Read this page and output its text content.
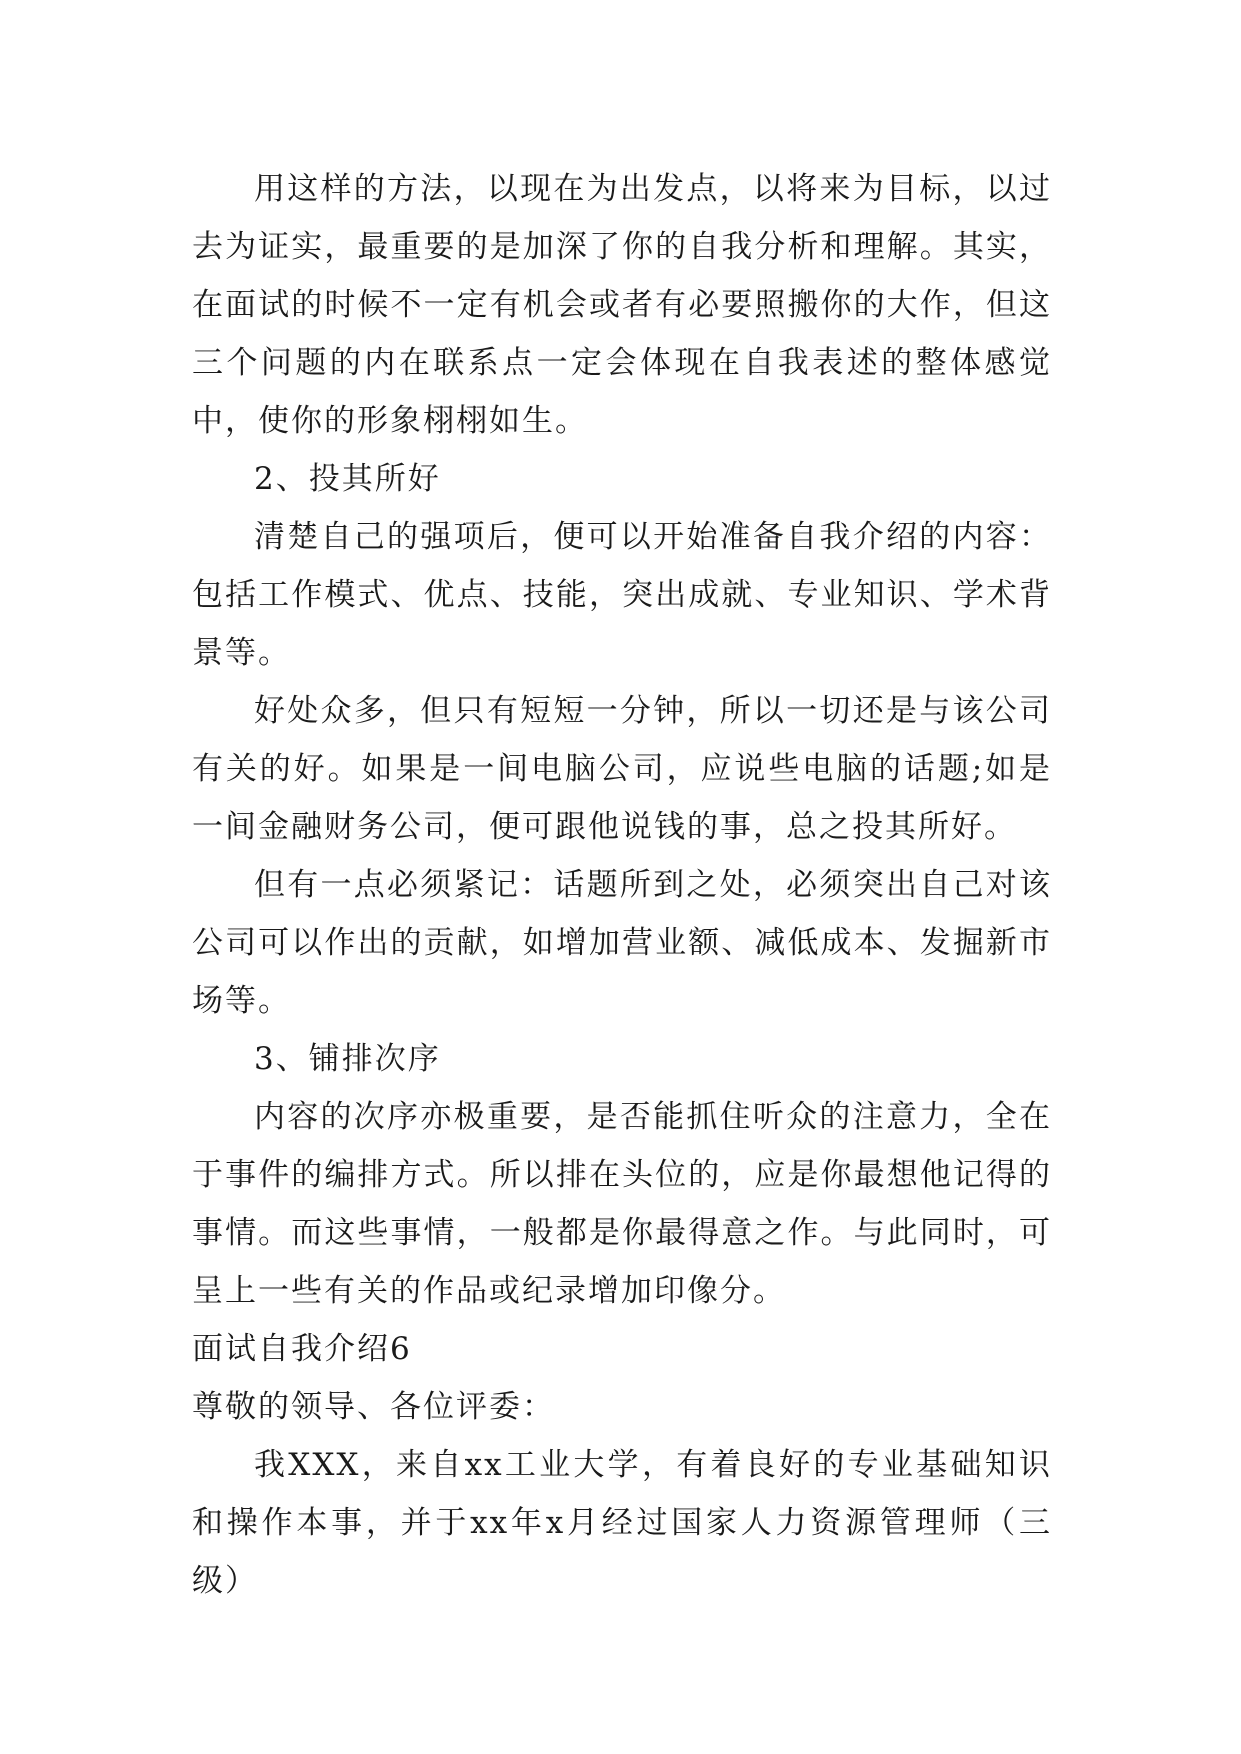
用这样的方法，以现在为出发点，以将来为目标，以过去为证实，最重要的是加深了你的自我分析和理解。其实，在面试的时候不一定有机会或者有必要照搬你的大作，但这三个问题的内在联系点一定会体现在自我表述的整体感觉中，使你的形象栩栩如生。

2、投其所好

清楚自己的强项后，便可以开始准备自我介绍的内容：包括工作模式、优点、技能，突出成就、专业知识、学术背景等。

好处众多，但只有短短一分钟，所以一切还是与该公司有关的好。如果是一间电脑公司，应说些电脑的话题;如是一间金融财务公司，便可跟他说钱的事，总之投其所好。

但有一点必须紧记：话题所到之处，必须突出自己对该公司可以作出的贡献，如增加营业额、减低成本、发掘新市场等。

3、铺排次序

内容的次序亦极重要，是否能抓住听众的注意力，全在于事件的编排方式。所以排在头位的，应是你最想他记得的事情。而这些事情，一般都是你最得意之作。与此同时，可呈上一些有关的作品或纪录增加印像分。

面试自我介绍6

尊敬的领导、各位评委：

我XXX，来自xx工业大学，有着良好的专业基础知识和操作本事，并于xx年x月经过国家人力资源管理师（三级）
